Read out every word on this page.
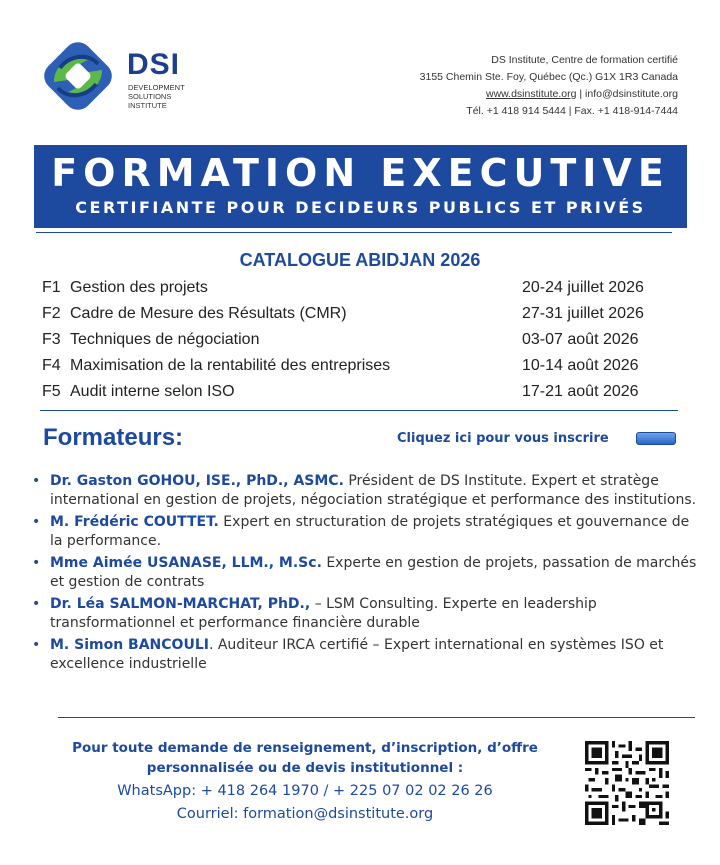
DSI
DEVELOPMENT
SOLUTIONS
INSTITUTE
DS Institute, Centre de formation certifié
3155 Chemin Ste. Foy, Québec (Qc.) G1X 1R3 Canada
www.dsinstitute.org | info@dsinstitute.org
Tél. +1 418 914 5444 | Fax. +1 418-914-7444
FORMATION EXECUTIVE
CERTIFIANTE POUR DECIDEURS PUBLICS ET PRIVÉS
CATALOGUE ABIDJAN 2026
F1 Gestion des projets	20-24 juillet 2026
F2 Cadre de Mesure des Résultats (CMR)	27-31 juillet 2026
F3 Techniques de négociation	03-07 août 2026
F4 Maximisation de la rentabilité des entreprises	10-14 août 2026
F5 Audit interne selon ISO	17-21 août 2026
Formateurs:	Cliquez ici pour vous inscrire
• Dr. Gaston GOHOU, ISE., PhD., ASMC. Président de DS Institute. Expert et stratège international en gestion de projets, négociation stratégique et performance des institutions.
• M. Frédéric COUTTET. Expert en structuration de projets stratégiques et gouvernance de la performance.
• Mme Aimée USANASE, LLM., M.Sc. Experte en gestion de projets, passation de marchés et gestion de contrats
• Dr. Léa SALMON-MARCHAT, PhD., – LSM Consulting. Experte en leadership transformationnel et performance financière durable
• M. Simon BANCOULI. Auditeur IRCA certifié – Expert international en systèmes ISO et excellence industrielle
Pour toute demande de renseignement, d’inscription, d’offre
personnalisée ou de devis institutionnel :
WhatsApp: + 418 264 1970 / + 225 07 02 02 26 26
Courriel: formation@dsinstitute.org
